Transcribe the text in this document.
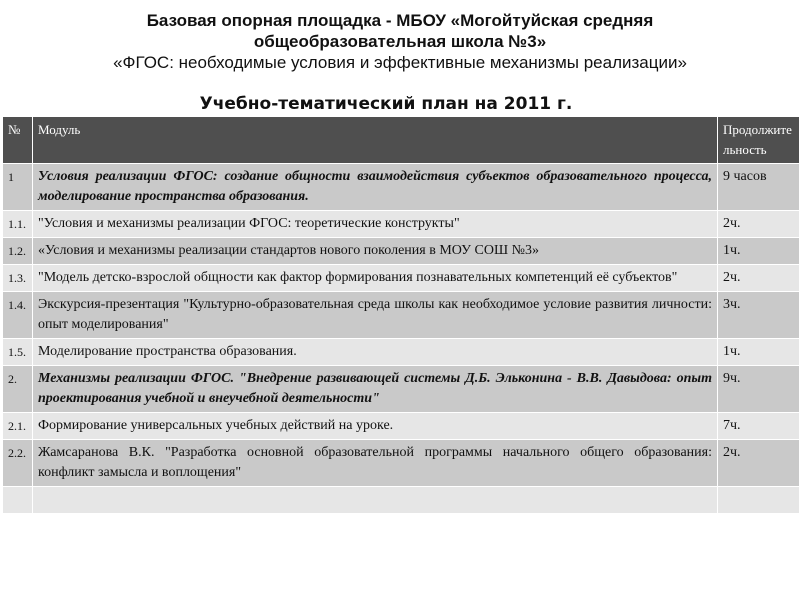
Базовая опорная площадка - МБОУ «Могойтуйская средняя
общеобразовательная школа №3»
«ФГОС: необходимые условия и эффективные механизмы реализации»
Учебно-тематический план на 2011 г.
№	Модуль	Продолжительность
1	Условия реализации ФГОС: создание общности взаимодействия субъектов образовательного процесса, моделирование пространства образования.	9 часов
1.1.	"Условия и механизмы реализации ФГОС: теоретические конструкты"	2ч.
1.2.	«Условия и механизмы реализации стандартов нового поколения в МОУ СОШ №3»	1ч.
1.3.	"Модель детско-взрослой общности как фактор формирования познавательных компетенций её субъектов"	2ч.
1.4.	Экскурсия-презентация "Культурно-образовательная среда школы как необходимое условие развития личности: опыт моделирования"	3ч.
1.5.	Моделирование пространства образования.	1ч.
2.	Механизмы реализации ФГОС. "Внедрение развивающей системы Д.Б. Эльконина - В.В. Давыдова: опыт проектирования учебной и внеучебной деятельности"	9ч.
2.1.	Формирование универсальных учебных действий на уроке.	7ч.
2.2.	Жамсаранова В.К. "Разработка основной образовательной программы начального общего образования: конфликт замысла и воплощения"	2ч.
